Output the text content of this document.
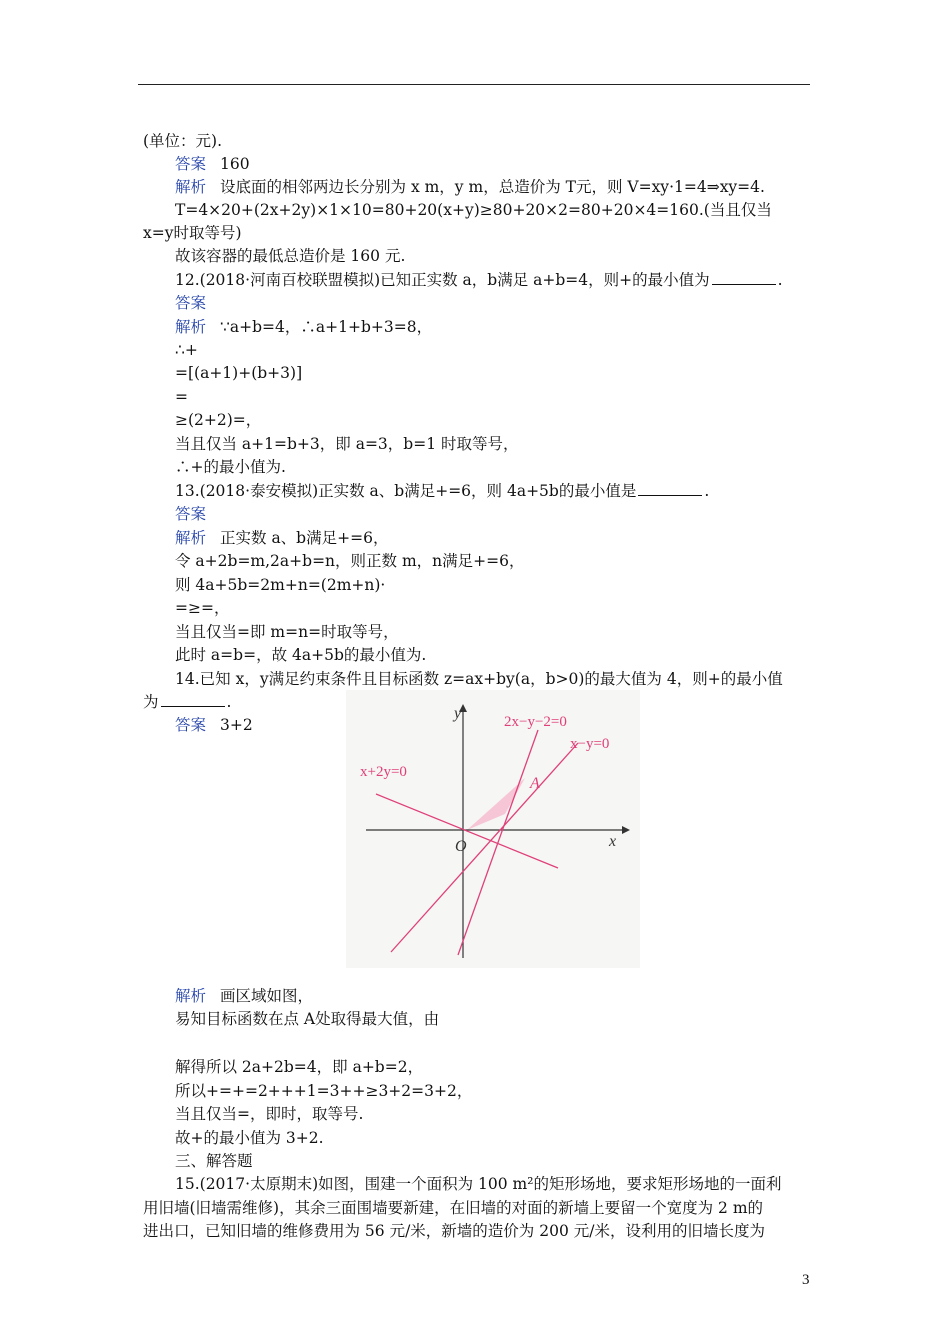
(单位：元).
答案 160
解析 设底面的相邻两边长分别为 x m，y m，总造价为 T元，则 V=xy·1=4⇒xy=4.
T=4×20+(2x+2y)×1×10=80+20(x+y)≥80+20×2=80+20×4=160.(当且仅当
x=y时取等号)
故该容器的最低总造价是 160 元.
12.(2018·河南百校联盟模拟)已知正实数 a，b满足 a+b=4，则+的最小值为	.
答案
解析 ∵a+b=4，∴a+1+b+3=8，
∴+
=[(a+1)+(b+3)]
=
≥(2+2)=，
当且仅当 a+1=b+3，即 a=3，b=1 时取等号，
∴+的最小值为.
13.(2018·泰安模拟)正实数 a、b满足+=6，则 4a+5b的最小值是	.
答案
解析 正实数 a、b满足+=6，
令 a+2b=m,2a+b=n，则正数 m，n满足+=6，
则 4a+5b=2m+n=(2m+n)·
=≥=，
当且仅当=即 m=n=时取等号，
此时 a=b=，故 4a+5b的最小值为.
14.已知 x，y满足约束条件且目标函数 z=ax+by(a，b>0)的最大值为 4，则+的最小值
为	.
答案 3+2
解析 画区域如图，
易知目标函数在点 A处取得最大值，由
解得所以 2a+2b=4，即 a+b=2，
所以+=+=2+++1=3++≥3+2=3+2，
当且仅当=，即时，取等号.
故+的最小值为 3+2.
三、解答题
15.(2017·太原期末)如图，围建一个面积为 100 m²的矩形场地，要求矩形场地的一面利
用旧墙(旧墙需维修)，其余三面围墙要新建，在旧墙的对面的新墙上要留一个宽度为 2 m的
进出口，已知旧墙的维修费用为 56 元/米，新墙的造价为 200 元/米，设利用的旧墙长度为
y
x
O
A
2x−y−2=0
x−y=0
x+2y=0
3
